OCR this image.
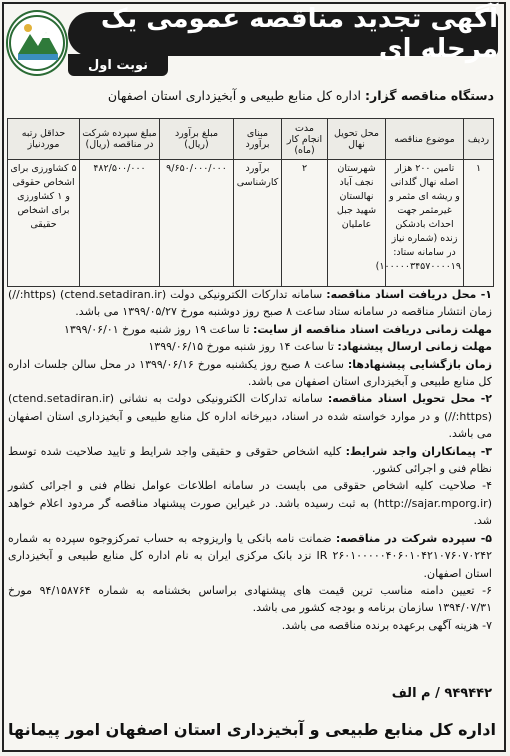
آگهی تجدید مناقصه عمومی یک مرحله ای
نوبت اول
دستگاه مناقصه گزار: اداره کل منابع طبیعی و آبخیزداری استان اصفهان
ردیف	موضوع مناقصه	محل تحویل نهال	مدت انجام کار (ماه)	مبنای برآورد	مبلغ برآورد (ریال)	مبلغ سپرده شرکت در مناقصه (ریال)	حداقل رتبه موردنیاز
۱	تامین ۲۰۰ هزار اصله نهال گلدانی و ریشه ای مثمر و غیرمثمر جهت احداث بادشکن زنده (شماره نیاز در سامانه ستاد: ۱۰۰۰۰۰۳۴۵۷۰۰۰۰۱۹)	شهرستان نجف آباد نهالستان شهید جبل عاملیان	۲	برآورد کارشناسی	۹/۶۵۰/۰۰۰/۰۰۰	۴۸۲/۵۰۰/۰۰۰	۵ کشاورزی برای اشخاص حقوقی و ۱ کشاورزی برای اشخاص حقیقی

۱- محل دریافت اسناد مناقصه: سامانه تدارکات الکترونیکی دولت (ctend.setadiran.ir) (https://) زمان انتشار مناقصه در سامانه ستاد ساعت ۸ صبح روز دوشنبه مورخ ۱۳۹۹/۰۵/۲۷ می باشد.

مهلت زمانی دریافت اسناد مناقصه از سایت: تا ساعت ۱۹ روز شنبه مورخ ۱۳۹۹/۰۶/۰۱

مهلت زمانی ارسال پیشنهاد: تا ساعت ۱۴ روز شنبه مورخ ۱۳۹۹/۰۶/۱۵

زمان بازگشایی پیشنهادها: ساعت ۸ صبح روز یکشنبه مورخ ۱۳۹۹/۰۶/۱۶ در محل سالن جلسات اداره کل منابع طبیعی و آبخیزداری استان اصفهان می باشد.

۲- محل تحویل اسناد مناقصه: سامانه تدارکات الکترونیکی دولت به نشانی (ctend.setadiran.ir) (https://) و در موارد خواسته شده در اسناد، دبیرخانه اداره کل منابع طبیعی و آبخیزداری استان اصفهان می باشد.

۳- پیمانکاران واجد شرایط: کلیه اشخاص حقوقی و حقیقی واجد شرایط و تایید صلاحیت شده توسط نظام فنی و اجرائی کشور.

۴- صلاحیت کلیه اشخاص حقوقی می بایست در سامانه اطلاعات عوامل نظام فنی و اجرائی کشور (http://sajar.mporg.ir) به ثبت رسیده باشد. در غیراین صورت پیشنهاد مناقصه گر مردود اعلام خواهد شد.

۵- سپرده شرکت در مناقصه: ضمانت نامه بانکی یا واریزوجه به حساب تمرکزوجوه سپرده به شماره IR ۲۶۰۱۰۰۰۰۰۴۰۶۰۱۰۴۲۱۰۷۶۰۷۰۲۴۲ نزد بانک مرکزی ایران به نام اداره کل منابع طبیعی و آبخیزداری استان اصفهان.

۶- تعیین دامنه مناسب ترین قیمت های پیشنهادی براساس بخشنامه به شماره ۹۴/۱۵۸۷۶۴ مورخ ۱۳۹۴/۰۷/۳۱ سازمان برنامه و بودجه کشور می باشد.

۷- هزینه آگهی برعهده برنده مناقصه می باشد.

۹۴۹۴۴۲ / م الف
اداره کل منابع طبیعی و آبخیزداری استان اصفهان امور پیمانها
